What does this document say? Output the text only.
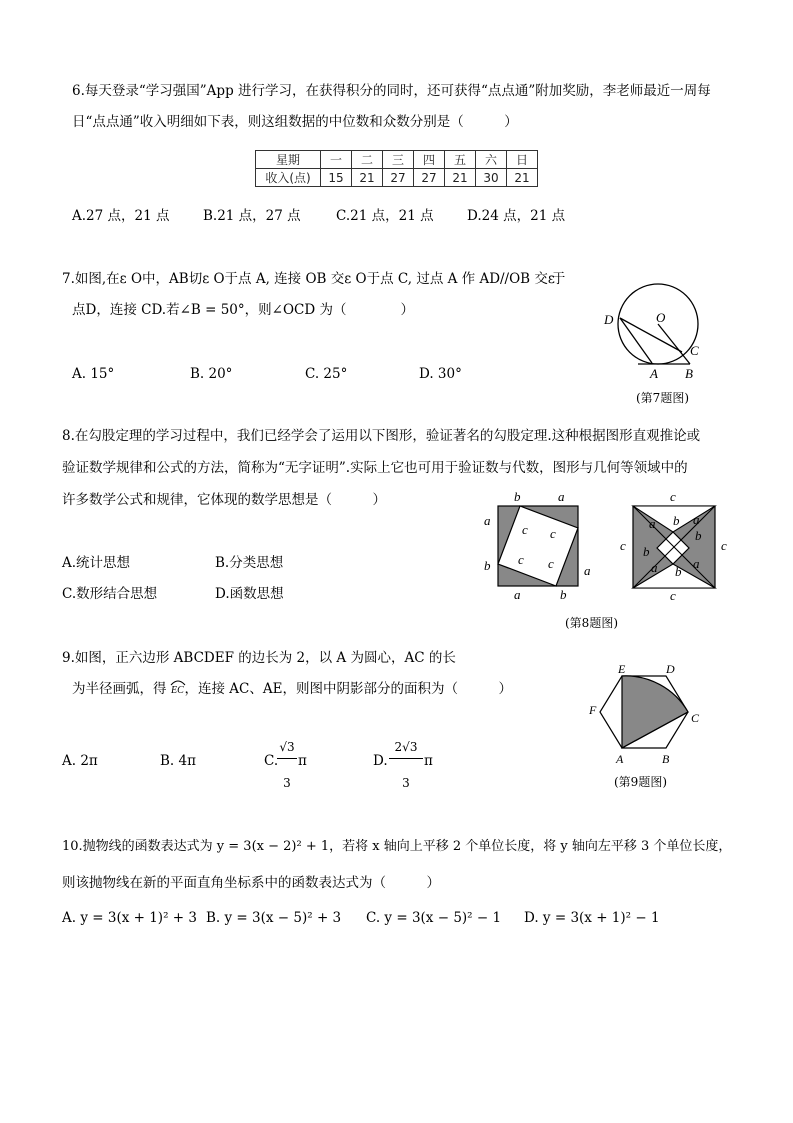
6.每天登录“学习强国”App 进行学习，在获得积分的同时，还可获得“点点通”附加奖励，李老师最近一周每
日“点点通”收入明细如下表，则这组数据的中位数和众数分别是（　　　）
星期	一	二	三	四	五	六	日
收入(点)	15	21	27	27	21	30	21
A.27 点，21 点 B.21 点，27 点	C.21 点，21 点 D.24 点，21 点
7.如图,在ε O中，AB切ε O于点 A, 连接 OB 交ε O于点 C, 过点 A 作 AD//OB 交ε于
点D，连接 CD.若∠B = 50°，则∠OCD 为（　　　　）
A. 15°	B. 20°	C. 25°	D. 30°
D	O
C
A B
(第7题图)
8.在勾股定理的学习过程中，我们已经学会了运用以下图形，验证著名的勾股定理.这种根据图形直观推论或
验证数学规律和公式的方法，简称为“无字证明”.实际上它也可用于验证数与代数，图形与几何等领域中的
许多数学公式和规律，它体现的数学思想是（　　　）
A.统计思想	B.分类思想
C.数形结合思想	D.函数思想
b	a
a
b	a
a	b
c c
c c
c
c	c
c
a b a
b
b
a b
a
(第8题图)
9.如图，正六边形 ABCDEF 的边长为 2，以 A 为圆心，AC 的长
为半径画弧，得 ，连接 AC、AE，则图中阴影部分的面积为（　　　）
EC
A. 2π	B. 4π	C.
√3
π
3
D.
2√3
π
3
E	D
F
C
A	B
(第9题图)
10.抛物线的函数表达式为 y = 3(x − 2)² + 1，若将 x 轴向上平移 2 个单位长度，将 y 轴向左平移 3 个单位长度，
则该抛物线在新的平面直角坐标系中的函数表达式为（　　　）
A. y = 3(x + 1)² + 3 B. y = 3(x − 5)² + 3 C. y = 3(x − 5)² − 1 D. y = 3(x + 1)² − 1
